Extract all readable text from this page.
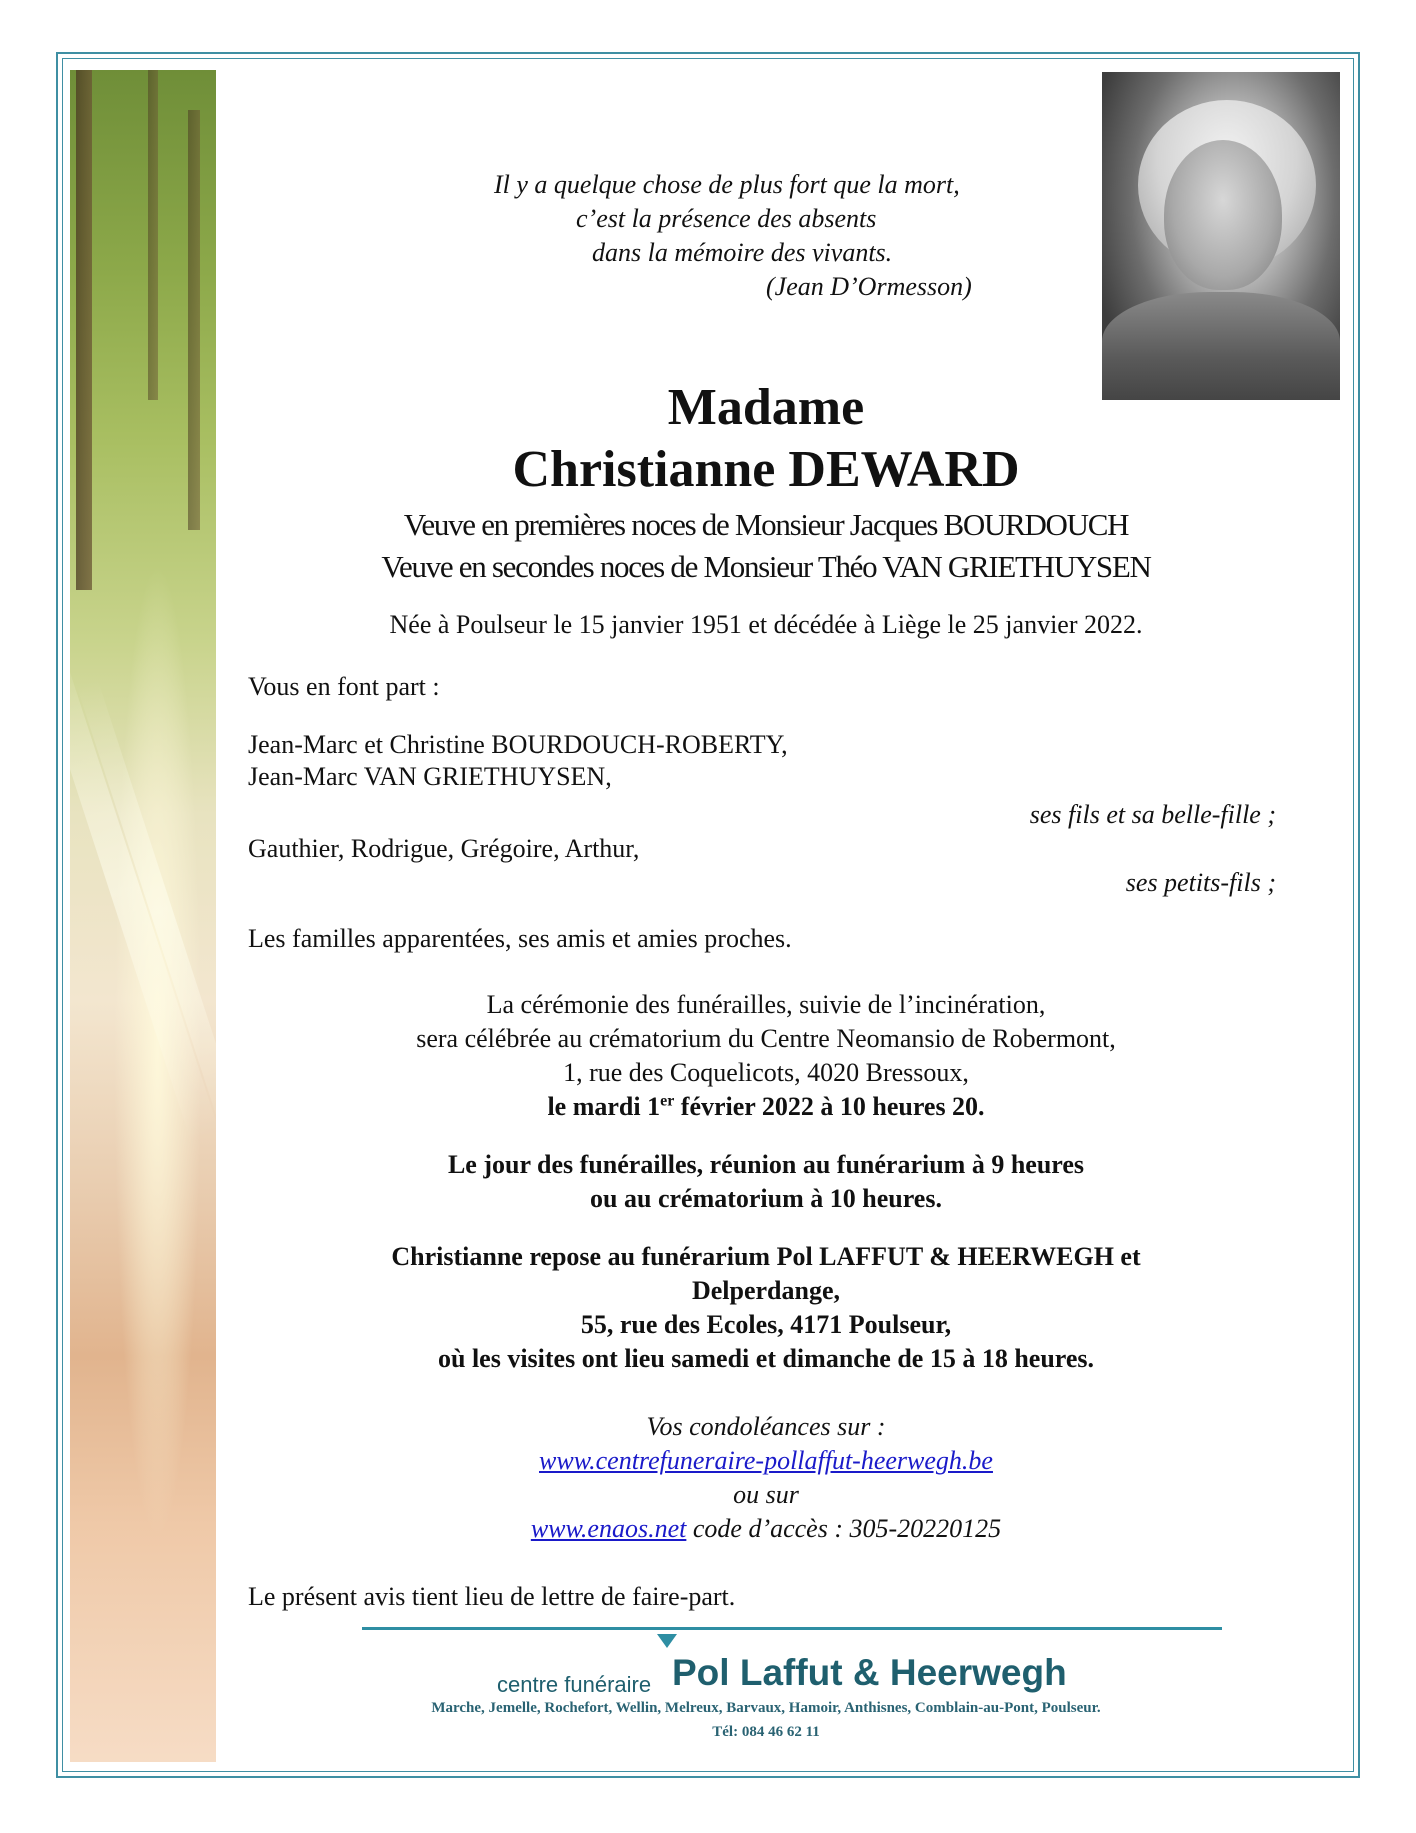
Il y a quelque chose de plus fort que la mort,
c’est la présence des absents
dans la mémoire des vivants.
(Jean D’Ormesson)
Madame
Christianne DEWARD
Veuve en premières noces de Monsieur Jacques BOURDOUCH
Veuve en secondes noces de Monsieur Théo VAN GRIETHUYSEN
Née à Poulseur le 15 janvier 1951 et décédée à Liège le 25 janvier 2022.
Vous en font part :
Jean-Marc et Christine BOURDOUCH-ROBERTY,
Jean-Marc VAN GRIETHUYSEN,
ses fils et sa belle-fille ;
Gauthier, Rodrigue, Grégoire, Arthur,
ses petits-fils ;
Les familles apparentées, ses amis et amies proches.
La cérémonie des funérailles, suivie de l’incinération,
sera célébrée au crématorium du Centre Neomansio de Robermont,
1, rue des Coquelicots, 4020 Bressoux,
le mardi 1er février 2022 à 10 heures 20.
Le jour des funérailles, réunion au funérarium à 9 heures
ou au crématorium à 10 heures.
Christianne repose au funérarium Pol LAFFUT & HEERWEGH et
Delperdange,
55, rue des Ecoles, 4171 Poulseur,
où les visites ont lieu samedi et dimanche de 15 à 18 heures.
Vos condoléances sur :
www.centrefuneraire-pollaffut-heerwegh.be
ou sur
www.enaos.net code d’accès : 305-20220125
Le présent avis tient lieu de lettre de faire-part.
centre funéraire Pol Laffut & Heerwegh
Marche, Jemelle, Rochefort, Wellin, Melreux, Barvaux, Hamoir, Anthisnes, Comblain-au-Pont, Poulseur.
Tél: 084 46 62 11
